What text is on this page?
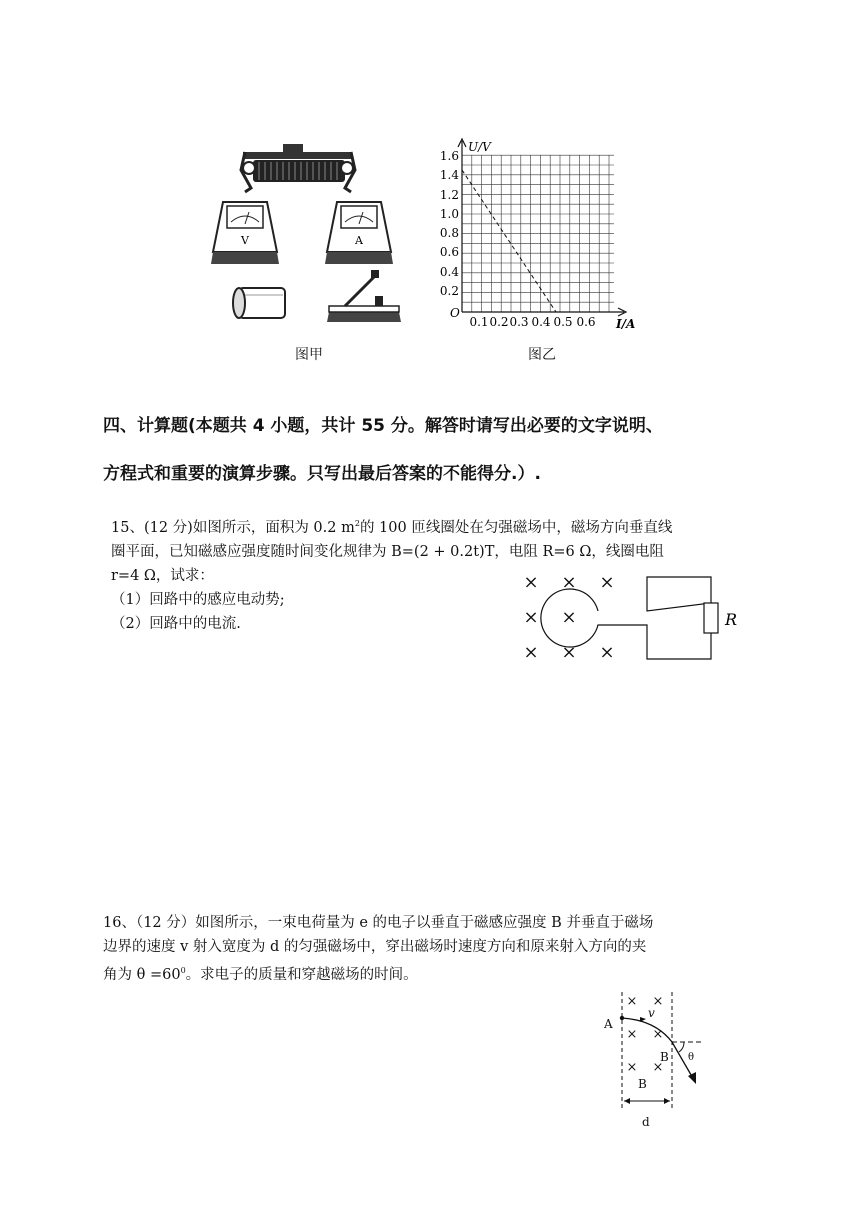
V	A
U/V
I/A
O
1.6
1.4
1.2
1.0
0.8
0.6
0.4
0.2
0.1 0.2 0.3 0.4 0.5 0.6
图甲	图乙
四、计算题(本题共 4 小题，共计 55 分。解答时请写出必要的文字说明、
方程式和重要的演算步骤。只写出最后答案的不能得分.）.
15、(12 分)如图所示，面积为 0.2 $m^2$的 100 匝线圈处在匀强磁场中，磁场方向垂直线
圈平面，已知磁感应强度随时间变化规律为 B=(2 + 0.2t)T，电阻 R=6 Ω，线圈电阻
r=4 Ω，试求：
（1）回路中的感应电动势;
（2）回路中的电流.
× × ×
× ×
× × ×
R
16、（12 分）如图所示，一束电荷量为 e 的电子以垂直于磁感应强度 B 并垂直于磁场
边界的速度 v 射入宽度为 d 的匀强磁场中，穿出磁场时速度方向和原来射入方向的夹
角为 $\theta =60^0$。求电子的质量和穿越磁场的时间。
× ×
× ×
× ×
A
v
B θ
B
d
